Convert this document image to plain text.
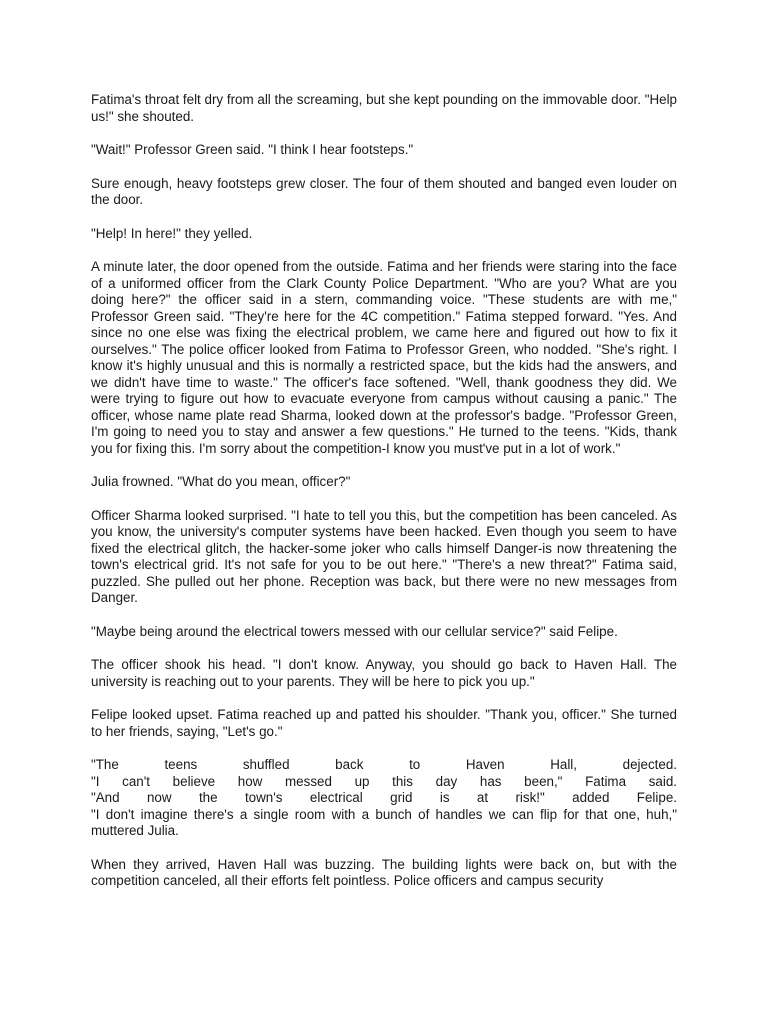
Fatima's throat felt dry from all the screaming, but she kept pounding on the immovable door. "Help us!" she shouted.

"Wait!" Professor Green said. "I think I hear footsteps."

Sure enough, heavy footsteps grew closer. The four of them shouted and banged even louder on the door.

"Help! In here!" they yelled.

A minute later, the door opened from the outside. Fatima and her friends were staring into the face of a uniformed officer from the Clark County Police Department. "Who are you? What are you doing here?" the officer said in a stern, commanding voice. "These students are with me," Professor Green said. "They're here for the 4C competition." Fatima stepped forward. "Yes. And since no one else was fixing the electrical problem, we came here and figured out how to fix it ourselves." The police officer looked from Fatima to Professor Green, who nodded. "She's right. I know it's highly unusual and this is normally a restricted space, but the kids had the answers, and we didn't have time to waste." The officer's face softened. "Well, thank goodness they did. We were trying to figure out how to evacuate everyone from campus without causing a panic." The officer, whose name plate read Sharma, looked down at the professor's badge. "Professor Green, I'm going to need you to stay and answer a few questions." He turned to the teens. "Kids, thank you for fixing this. I'm sorry about the competition-I know you must've put in a lot of work."

Julia frowned. "What do you mean, officer?"

Officer Sharma looked surprised. "I hate to tell you this, but the competition has been canceled. As you know, the university's computer systems have been hacked. Even though you seem to have fixed the electrical glitch, the hacker-some joker who calls himself Danger-is now threatening the town's electrical grid. It's not safe for you to be out here." "There's a new threat?" Fatima said, puzzled. She pulled out her phone. Reception was back, but there were no new messages from Danger.

"Maybe being around the electrical towers messed with our cellular service?" said Felipe.

The officer shook his head. "I don't know. Anyway, you should go back to Haven Hall. The university is reaching out to your parents. They will be here to pick you up."

Felipe looked upset. Fatima reached up and patted his shoulder. "Thank you, officer." She turned to her friends, saying, "Let's go."

"The teens shuffled back to Haven Hall, dejected.
"I can't believe how messed up this day has been," Fatima said.
"And now the town's electrical grid is at risk!" added Felipe.
"I don't imagine there's a single room with a bunch of handles we can flip for that one, huh,"
muttered Julia.

When they arrived, Haven Hall was buzzing. The building lights were back on, but with the competition canceled, all their efforts felt pointless. Police officers and campus security
